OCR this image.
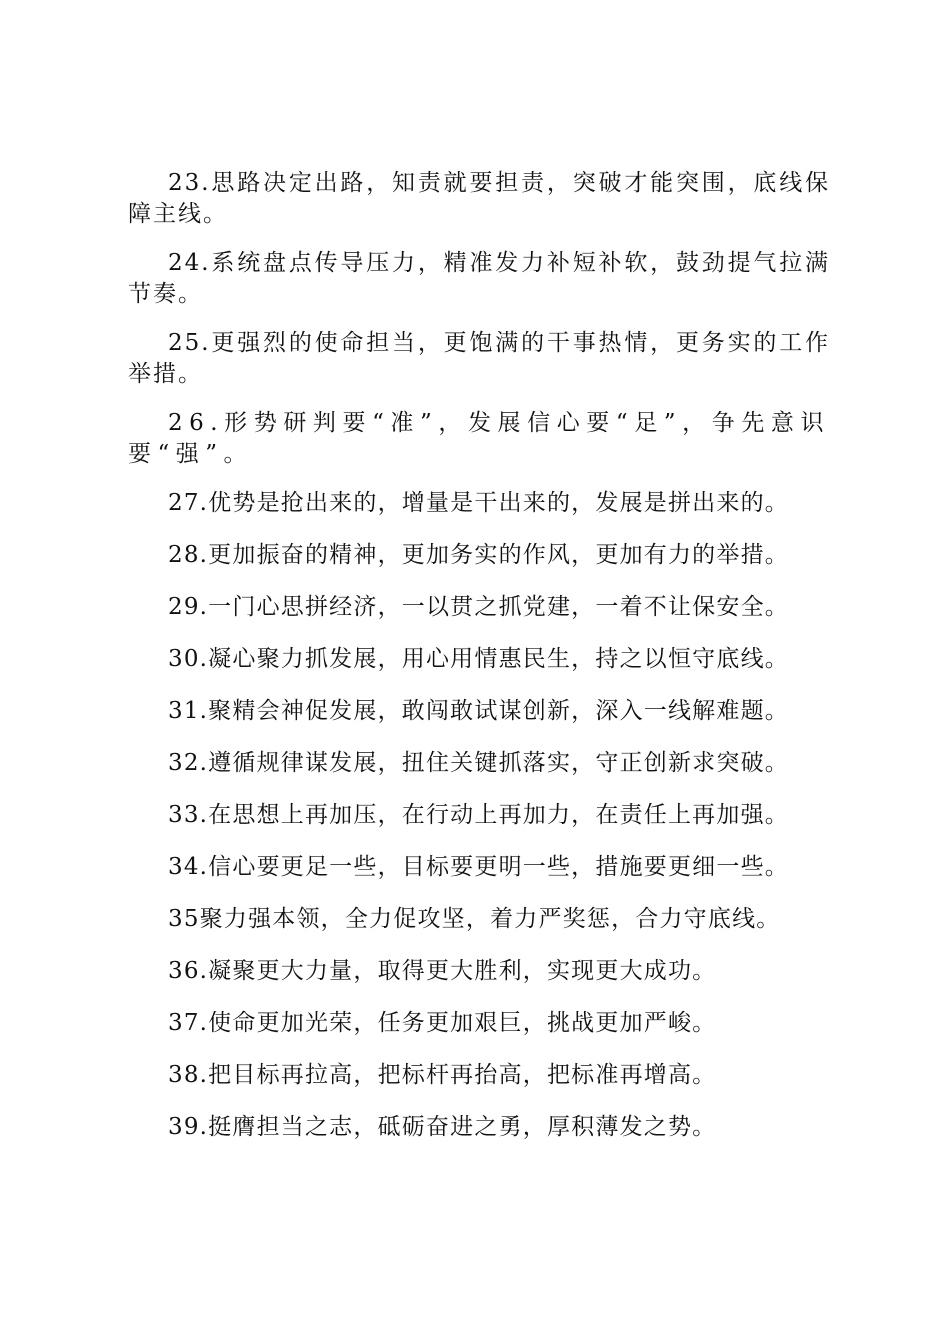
23.思路决定出路，知责就要担责，突破才能突围，底线保障主线。

24.系统盘点传导压力，精准发力补短补软，鼓劲提气拉满节奏。

25.更强烈的使命担当，更饱满的干事热情，更务实的工作举措。

26.形势研判要“准”，发展信心要“足”，争先意识要“强”。

27.优势是抢出来的，增量是干出来的，发展是拼出来的。

28.更加振奋的精神，更加务实的作风，更加有力的举措。

29.一门心思拼经济，一以贯之抓党建，一着不让保安全。

30.凝心聚力抓发展，用心用情惠民生，持之以恒守底线。

31.聚精会神促发展，敢闯敢试谋创新，深入一线解难题。

32.遵循规律谋发展，扭住关键抓落实，守正创新求突破。

33.在思想上再加压，在行动上再加力，在责任上再加强。

34.信心要更足一些，目标要更明一些，措施要更细一些。

35聚力强本领，全力促攻坚，着力严奖惩，合力守底线。

36.凝聚更大力量，取得更大胜利，实现更大成功。

37.使命更加光荣，任务更加艰巨，挑战更加严峻。

38.把目标再拉高，把标杆再抬高，把标准再增高。

39.挺膺担当之志，砥砺奋进之勇，厚积薄发之势。
